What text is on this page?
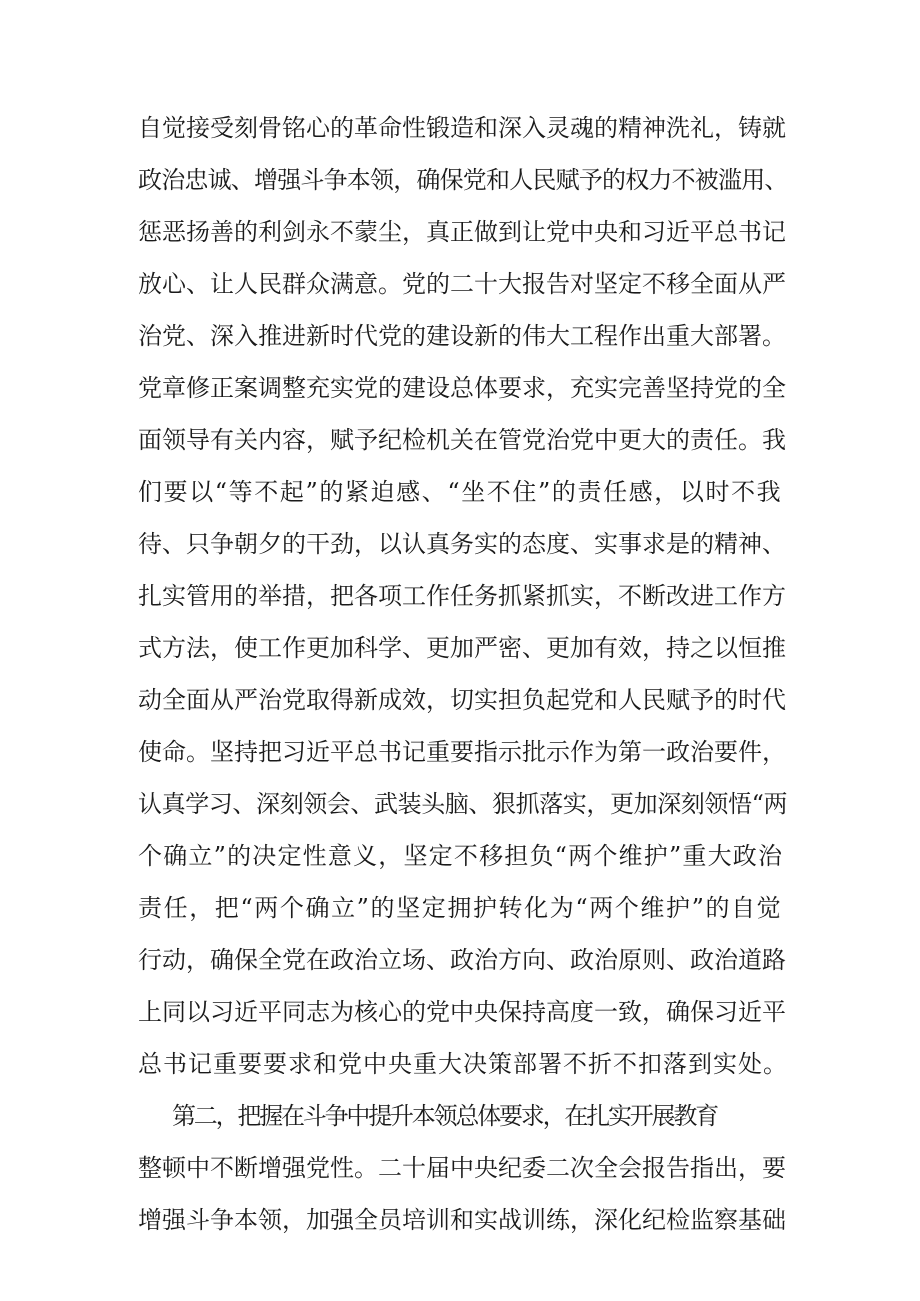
自觉接受刻骨铭心的革命性锻造和深入灵魂的精神洗礼，铸就
政治忠诚、增强斗争本领，确保党和人民赋予的权力不被滥用、
惩恶扬善的利剑永不蒙尘，真正做到让党中央和习近平总书记
放心、让人民群众满意。党的二十大报告对坚定不移全面从严
治党、深入推进新时代党的建设新的伟大工程作出重大部署。
党章修正案调整充实党的建设总体要求，充实完善坚持党的全
面领导有关内容，赋予纪检机关在管党治党中更大的责任。我
们要以“等不起”的紧迫感、“坐不住”的责任感，以时不我
待、只争朝夕的干劲，以认真务实的态度、实事求是的精神、
扎实管用的举措，把各项工作任务抓紧抓实，不断改进工作方
式方法，使工作更加科学、更加严密、更加有效，持之以恒推
动全面从严治党取得新成效，切实担负起党和人民赋予的时代
使命。坚持把习近平总书记重要指示批示作为第一政治要件，
认真学习、深刻领会、武装头脑、狠抓落实，更加深刻领悟“两
个确立”的决定性意义，坚定不移担负“两个维护”重大政治
责任，把“两个确立”的坚定拥护转化为“两个维护”的自觉
行动，确保全党在政治立场、政治方向、政治原则、政治道路
上同以习近平同志为核心的党中央保持高度一致，确保习近平
总书记重要要求和党中央重大决策部署不折不扣落到实处。
第二，把握在斗争中提升本领总体要求，在扎实开展教育
整顿中不断增强党性。二十届中央纪委二次全会报告指出，要
增强斗争本领，加强全员培训和实战训练，深化纪检监察基础
